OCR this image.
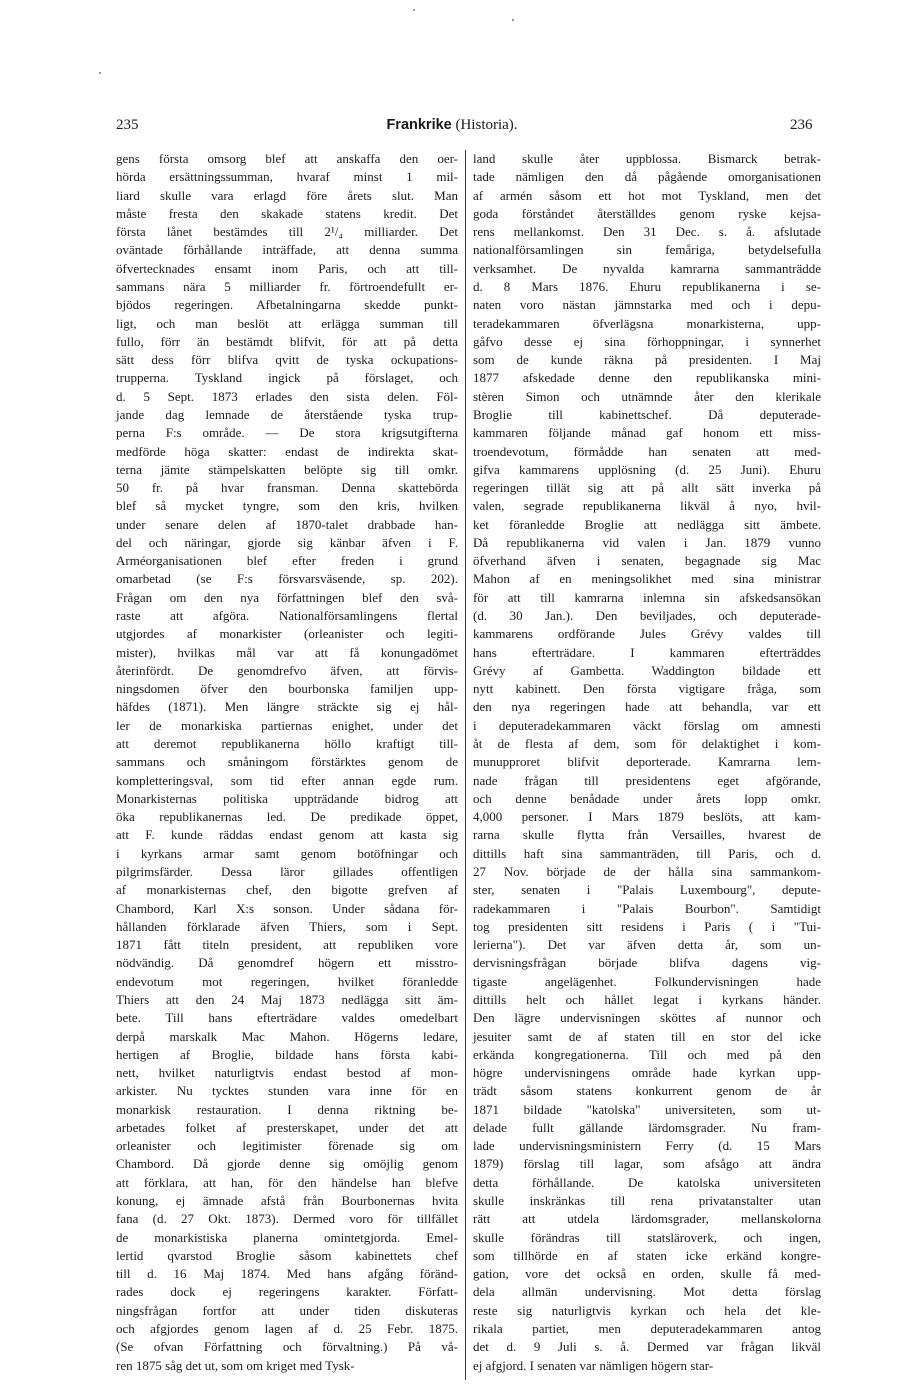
235	Frankrike (Historia).	236
gens första omsorg blef att anskaffa den oer-
hörda ersättningssumman, hvaraf minst 1 mil-
liard skulle vara erlagd före årets slut. Man
måste fresta den skakade statens kredit. Det
första lånet bestämdes till 2¹/₄ milliarder. Det
oväntade förhållande inträffade, att denna summa
öfvertecknades ensamt inom Paris, och att till-
sammans nära 5 milliarder fr. förtroendefullt er-
bjödos regeringen. Afbetalningarna skedde punkt-
ligt, och man beslöt att erlägga summan till
fullo, förr än bestämdt blifvit, för att på detta
sätt dess förr blifva qvitt de tyska ockupations-
trupperna. Tyskland ingick på förslaget, och
d. 5 Sept. 1873 erlades den sista delen. Föl-
jande dag lemnade de återstående tyska trup-
perna F:s område. — De stora krigsutgifterna
medförde höga skatter: endast de indirekta skat-
terna jämte stämpelskatten belöpte sig till omkr.
50 fr. på hvar fransman. Denna skattebörda
blef så mycket tyngre, som den kris, hvilken
under senare delen af 1870-talet drabbade han-
del och näringar, gjorde sig känbar äfven i F.
Arméorganisationen blef efter freden i grund
omarbetad (se F:s försvarsväsende, sp. 202).
Frågan om den nya författningen blef den svå-
raste att afgöra. Nationalförsamlingens flertal
utgjordes af monarkister (orleanister och legiti-
mister), hvilkas mål var att få konungadömet
återinfördt. De genomdrefvo äfven, att förvis-
ningsdomen öfver den bourbonska familjen upp-
häfdes (1871). Men längre sträckte sig ej hål-
ler de monarkiska partiernas enighet, under det
att deremot republikanerna höllo kraftigt till-
sammans och småningom förstärktes genom de
kompletteringsval, som tid efter annan egde rum.
Monarkisternas politiska uppträdande bidrog att
öka republikanernas led. De predikade öppet,
att F. kunde räddas endast genom att kasta sig
i kyrkans armar samt genom botöfningar och
pilgrimsfärder. Dessa läror gillades offentligen
af monarkisternas chef, den bigotte grefven af
Chambord, Karl X:s sonson. Under sådana för-
hållanden förklarade äfven Thiers, som i Sept.
1871 fått titeln president, att republiken vore
nödvändig. Då genomdref högern ett misstro-
endevotum mot regeringen, hvilket föranledde
Thiers att den 24 Maj 1873 nedlägga sitt äm-
bete. Till hans efterträdare valdes omedelbart
derpå marskalk Mac Mahon. Högerns ledare,
hertigen af Broglie, bildade hans första kabi-
nett, hvilket naturligtvis endast bestod af mon-
arkister. Nu tycktes stunden vara inne för en
monarkisk restauration. I denna riktning be-
arbetades folket af presterskapet, under det att
orleanister och legitimister förenade sig om
Chambord. Då gjorde denne sig omöjlig genom
att förklara, att han, för den händelse han blefve
konung, ej ämnade afstå från Bourbonernas hvita
fana (d. 27 Okt. 1873). Dermed voro för tillfället
de monarkistiska planerna omintetgjorda. Emel-
lertid qvarstod Broglie såsom kabinettets chef
till d. 16 Maj 1874. Med hans afgång föränd-
rades dock ej regeringens karakter. Författ-
ningsfrågan fortfor att under tiden diskuteras
och afgjordes genom lagen af d. 25 Febr. 1875.
(Se ofvan Författning och förvaltning.) På vå-
ren 1875 såg det ut, som om kriget med Tysk-
land skulle åter uppblossa. Bismarck betrak-
tade nämligen den då pågående omorganisationen
af armén såsom ett hot mot Tyskland, men det
goda förståndet återställdes genom ryske kejsa-
rens mellankomst. Den 31 Dec. s. å. afslutade
nationalförsamlingen sin femåriga, betydelsefulla
verksamhet. De nyvalda kamrarna sammanträdde
d. 8 Mars 1876. Ehuru republikanerna i se-
naten voro nästan jämnstarka med och i depu-
teradekammaren öfverlägsna monarkisterna, upp-
gåfvo desse ej sina förhoppningar, i synnerhet
som de kunde räkna på presidenten. I Maj
1877 afskedade denne den republikanska mini-
stèren Simon och utnämnde åter den klerikale
Broglie till kabinettschef. Då deputerade-
kammaren följande månad gaf honom ett miss-
troendevotum, förmådde han senaten att med-
gifva kammarens upplösning (d. 25 Juni). Ehuru
regeringen tillät sig att på allt sätt inverka på
valen, segrade republikanerna likväl å nyo, hvil-
ket föranledde Broglie att nedlägga sitt ämbete.
Då republikanerna vid valen i Jan. 1879 vunno
öfverhand äfven i senaten, begagnade sig Mac
Mahon af en meningsolikhet med sina ministrar
för att till kamrarna inlemna sin afskedsansökan
(d. 30 Jan.). Den beviljades, och deputerade-
kammarens ordförande Jules Grévy valdes till
hans efterträdare. I kammaren efterträddes
Grévy af Gambetta. Waddington bildade ett
nytt kabinett. Den första vigtigare fråga, som
den nya regeringen hade att behandla, var ett
i deputeradekammaren väckt förslag om amnesti
åt de flesta af dem, som för delaktighet i kom-
munupproret blifvit deporterade. Kamrarna lem-
nade frågan till presidentens eget afgörande,
och denne benådade under årets lopp omkr.
4,000 personer. I Mars 1879 beslöts, att kam-
rarna skulle flytta från Versailles, hvarest de
dittills haft sina sammanträden, till Paris, och d.
27 Nov. började de der hålla sina sammankom-
ster, senaten i "Palais Luxembourg", depute-
radekammaren i "Palais Bourbon". Samtidigt
tog presidenten sitt residens i Paris ( i "Tui-
lerierna"). Det var äfven detta år, som un-
dervisningsfrågan började blifva dagens vig-
tigaste angelägenhet. Folkundervisningen hade
dittills helt och hållet legat i kyrkans händer.
Den lägre undervisningen sköttes af nunnor och
jesuiter samt de af staten till en stor del icke
erkända kongregationerna. Till och med på den
högre undervisningens område hade kyrkan upp-
trädt såsom statens konkurrent genom de år
1871 bildade "katolska" universiteten, som ut-
delade fullt gällande lärdomsgrader. Nu fram-
lade undervisningsministern Ferry (d. 15 Mars
1879) förslag till lagar, som afsågo att ändra
detta förhållande. De katolska universiteten
skulle inskränkas till rena privatanstalter utan
rätt att utdela lärdomsgrader, mellanskolorna
skulle förändras till statsläroverk, och ingen,
som tillhörde en af staten icke erkänd kongre-
gation, vore det också en orden, skulle få med-
dela allmän undervisning. Mot detta förslag
reste sig naturligtvis kyrkan och hela det kle-
rikala partiet, men deputeradekammaren antog
det d. 9 Juli s. å. Dermed var frågan likväl
ej afgjord. I senaten var nämligen högern star-
